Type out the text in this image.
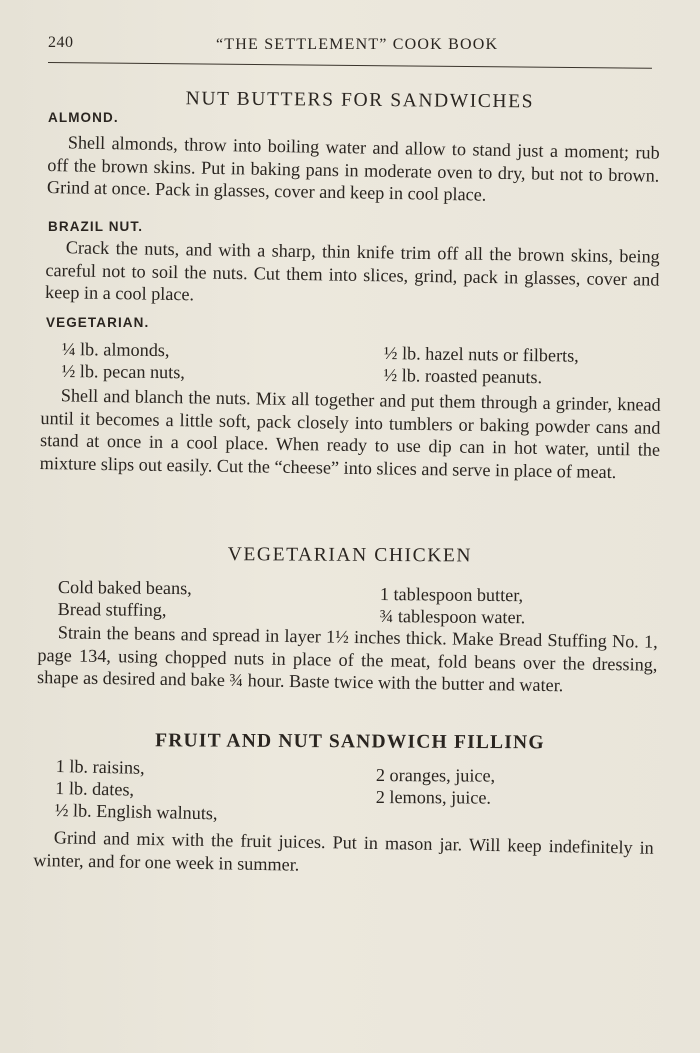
240	“THE SETTLEMENT” COOK BOOK
NUT BUTTERS FOR SANDWICHES
ALMOND.
Shell almonds, throw into boiling water and allow to stand just a moment; rub off the brown skins. Put in baking pans in moderate oven to dry, but not to brown. Grind at once. Pack in glasses, cover and keep in cool place.
BRAZIL NUT.
Crack the nuts, and with a sharp, thin knife trim off all the brown skins, being careful not to soil the nuts. Cut them into slices, grind, pack in glasses, cover and keep in a cool place.
VEGETARIAN.
¼ lb. almonds,
½ lb. pecan nuts,
½ lb. hazel nuts or filberts,
½ lb. roasted peanuts.
Shell and blanch the nuts. Mix all together and put them through a grinder, knead until it becomes a little soft, pack closely into tumblers or baking powder cans and stand at once in a cool place. When ready to use dip can in hot water, until the mixture slips out easily. Cut the “cheese” into slices and serve in place of meat.
VEGETARIAN CHICKEN
Cold baked beans,
Bread stuffing,
1 tablespoon butter,
¾ tablespoon water.
Strain the beans and spread in layer 1½ inches thick. Make Bread Stuffing No. 1, page 134, using chopped nuts in place of the meat, fold beans over the dressing, shape as desired and bake ¾ hour. Baste twice with the butter and water.
FRUIT AND NUT SANDWICH FILLING
1 lb. raisins,
1 lb. dates,
½ lb. English walnuts,
2 oranges, juice,
2 lemons, juice.
Grind and mix with the fruit juices. Put in mason jar. Will keep indefinitely in winter, and for one week in summer.
